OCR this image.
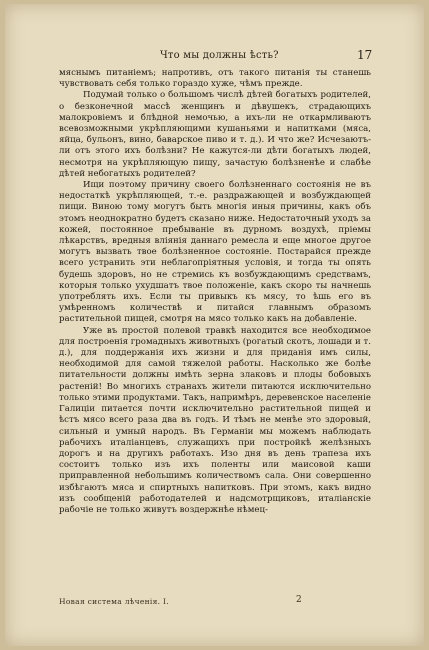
Что мы должны ѣсть?	17

мяснымъ питаніемъ; напротивъ, отъ такого питанія ты станешь чувствовать себя только гораздо хуже, чѣмъ прежде.

Подумай только о большомъ числѣ дѣтей богатыхъ родителей, о безконечной массѣ женщинъ и дѣвушекъ, страдающихъ малокровіемъ и блѣдной немочью, а ихъ-ли не откармливаютъ всевозможными укрѣпляющими кушаньями и напитками (мяса, яйца, бульонъ, вино, баварское пиво и т. д.). И что же? Исчезаютъ-ли отъ этого ихъ болѣзни? Не кажутся-ли дѣти богатыхъ людей, несмотря на укрѣпляющую пищу, зачастую болѣзненѣе и слабѣе дѣтей небогатыхъ родителей?

Ищи поэтому причину своего болѣзненнаго состоянія не въ недостаткѣ укрѣпляющей, т.-е. раздражающей и возбуждающей пищи. Виною тому могутъ быть многія иныя причины, какъ объ этомъ неоднократно будетъ сказано ниже. Недостаточный уходъ за кожей, постоянное пребываніе въ дурномъ воздухѣ, пріемы лѣкарствъ, вредныя вліянія даннаго ремесла и еще многое другое могутъ вызвать твое болѣзненное состояніе. Постарайся прежде всего устранить эти неблагопріятныя условія, и тогда ты опять будешь здоровъ, но не стремись къ возбуждающимъ средствамъ, которыя только ухудшатъ твое положеніе, какъ скоро ты начнешь употреблять ихъ. Если ты привыкъ къ мясу, то ѣшь его въ умѣренномъ количествѣ и питайся главнымъ образомъ растительной пищей, смотря на мясо только какъ на добавленіе.

Уже въ простой полевой травкѣ находится все необходимое для построенія громадныхъ животныхъ (рогатый скотъ, лошади и т. д.), для поддержанія ихъ жизни и для приданія имъ силы, необходимой для самой тяжелой работы. Насколько же болѣе питательности должны имѣть зерна злаковъ и плоды бобовыхъ растеній! Во многихъ странахъ жители питаются исключительно только этими продуктами. Такъ, напримѣръ, деревенское населеніе Галиціи питается почти исключительно растительной пищей и ѣстъ мясо всего раза два въ годъ. И тѣмъ не менѣе это здоровый, сильный и умный народъ. Въ Германіи мы можемъ наблюдать рабочихъ италіанцевъ, служащихъ при постройкѣ желѣзныхъ дорогъ и на другихъ работахъ. Изо дня въ день трапеза ихъ состоитъ только изъ ихъ поленты или маисовой каши приправленной небольшимъ количествомъ сала. Они совершенно избѣгаютъ мяса и спиртныхъ напитковъ. При этомъ, какъ видно изъ сообщеній работодателей и надсмотрщиковъ, италіанскіе рабочіе не только живутъ воздержнѣе нѣмец-

Новая система лѣченія. I.	2
